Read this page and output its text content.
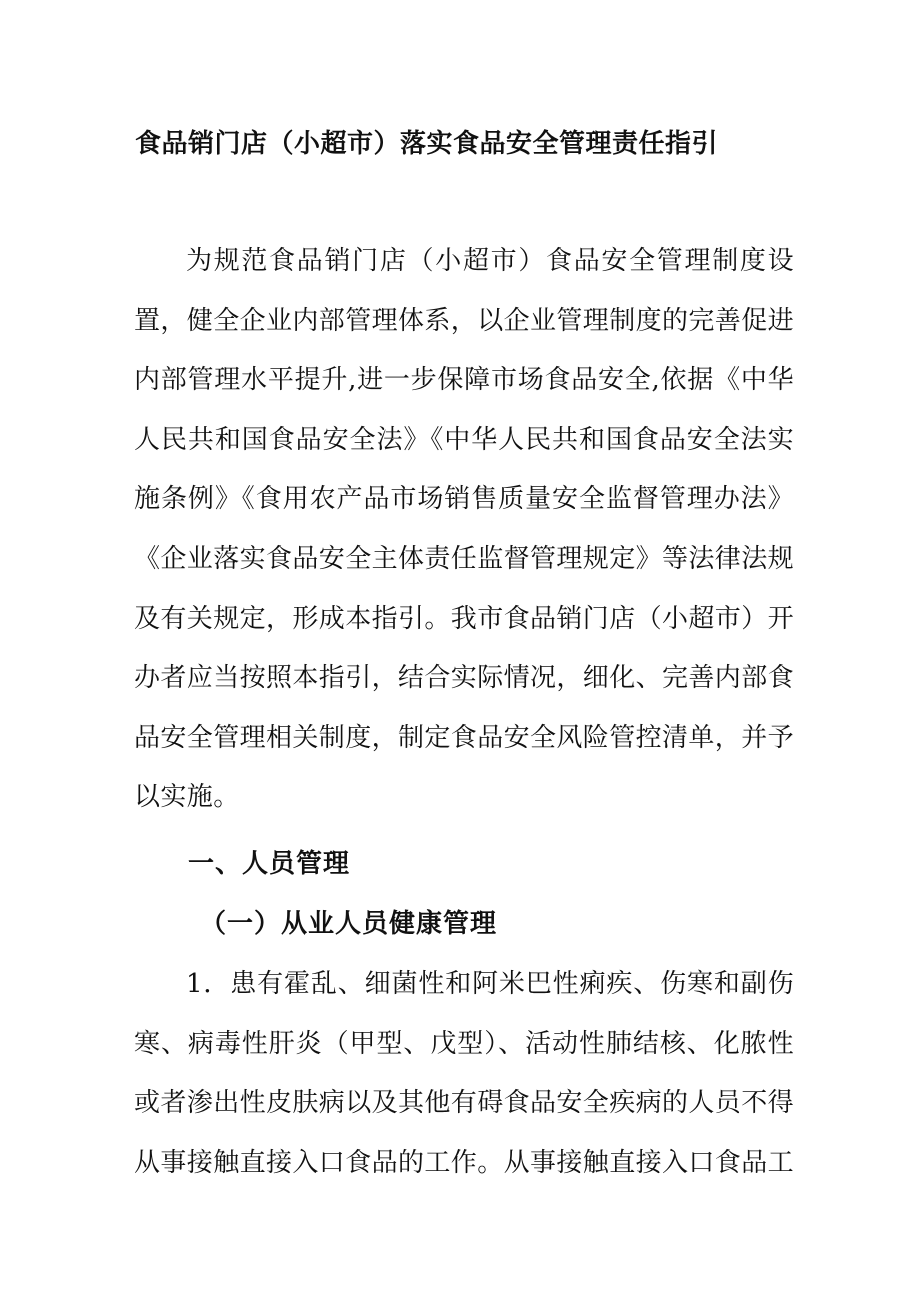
食品销门店（小超市）落实食品安全管理责任指引

为规范食品销门店（小超市）食品安全管理制度设置，健全企业内部管理体系，以企业管理制度的完善促进内部管理水平提升,进一步保障市场食品安全,依据《中华人民共和国食品安全法》《中华人民共和国食品安全法实施条例》《食用农产品市场销售质量安全监督管理办法》《企业落实食品安全主体责任监督管理规定》等法律法规及有关规定，形成本指引。我市食品销门店（小超市）开办者应当按照本指引，结合实际情况，细化、完善内部食品安全管理相关制度，制定食品安全风险管控清单，并予以实施。

一、人员管理
（一）从业人员健康管理

1．患有霍乱、细菌性和阿米巴性痢疾、伤寒和副伤寒、病毒性肝炎（甲型、戊型）、活动性肺结核、化脓性或者渗出性皮肤病以及其他有碍食品安全疾病的人员不得从事接触直接入口食品的工作。从事接触直接入口食品工
